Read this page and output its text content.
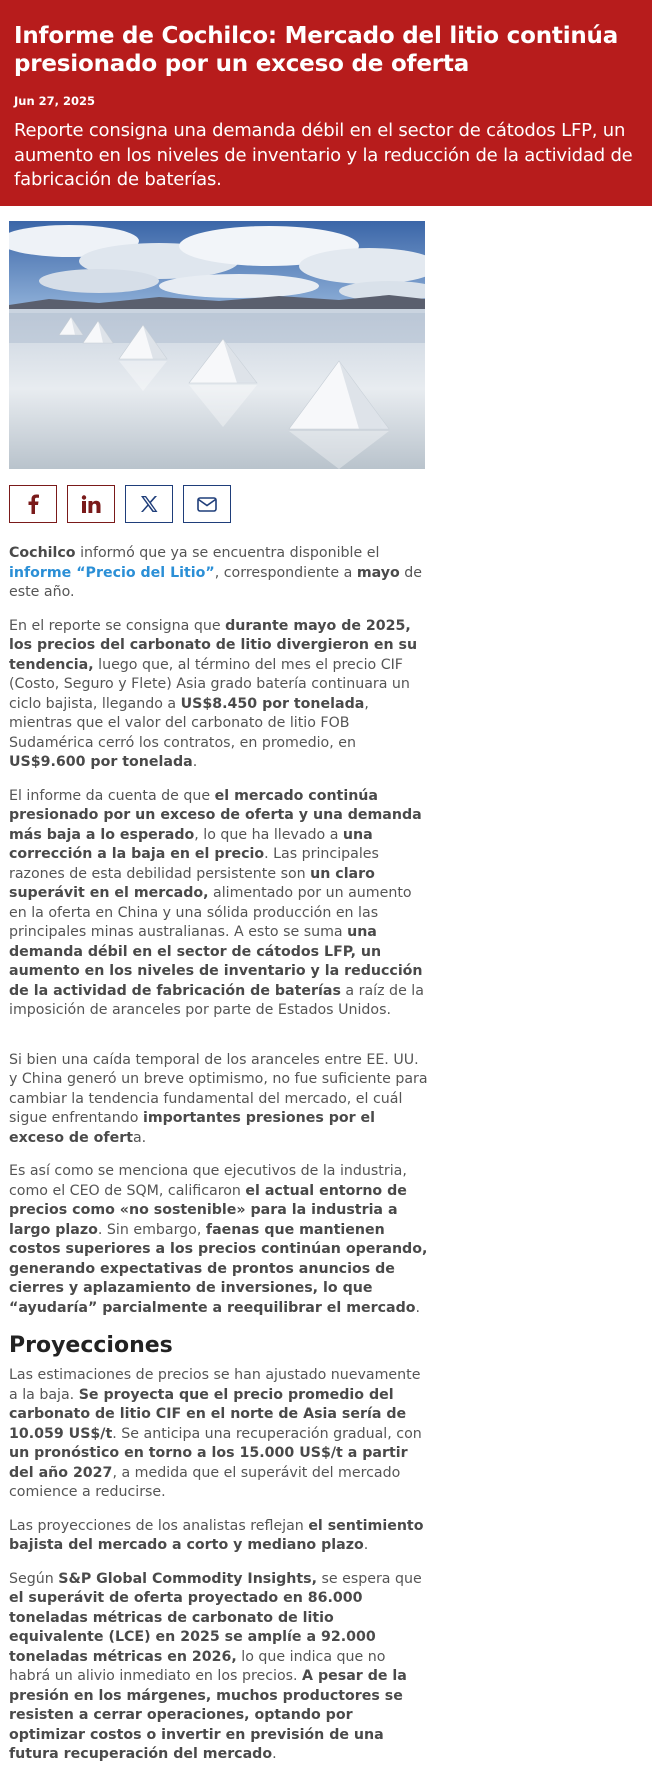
Informe de Cochilco: Mercado del litio continúa presionado por un exceso de oferta
Jun 27, 2025
Reporte consigna una demanda débil en el sector de cátodos LFP, un aumento en los niveles de inventario y la reducción de la actividad de fabricación de baterías.

Cochilco informó que ya se encuentra disponible el informe “Precio del Litio”, correspondiente a mayo de este año.

En el reporte se consigna que durante mayo de 2025, los precios del carbonato de litio divergieron en su tendencia, luego que, al término del mes el precio CIF (Costo, Seguro y Flete) Asia grado batería continuara un ciclo bajista, llegando a US$8.450 por tonelada, mientras que el valor del carbonato de litio FOB Sudamérica cerró los contratos, en promedio, en US$9.600 por tonelada.

El informe da cuenta de que el mercado continúa presionado por un exceso de oferta y una demanda más baja a lo esperado, lo que ha llevado a una corrección a la baja en el precio. Las principales razones de esta debilidad persistente son un claro superávit en el mercado, alimentado por un aumento en la oferta en China y una sólida producción en las principales minas australianas. A esto se suma una demanda débil en el sector de cátodos LFP, un aumento en los niveles de inventario y la reducción de la actividad de fabricación de baterías a raíz de la imposición de aranceles por parte de Estados Unidos.

Si bien una caída temporal de los aranceles entre EE. UU. y China generó un breve optimismo, no fue suficiente para cambiar la tendencia fundamental del mercado, el cuál sigue enfrentando importantes presiones por el exceso de oferta.

Es así como se menciona que ejecutivos de la industria, como el CEO de SQM, calificaron el actual entorno de precios como «no sostenible» para la industria a largo plazo. Sin embargo, faenas que mantienen costos superiores a los precios continúan operando, generando expectativas de prontos anuncios de cierres y aplazamiento de inversiones, lo que “ayudaría” parcialmente a reequilibrar el mercado.

Proyecciones

Las estimaciones de precios se han ajustado nuevamente a la baja. Se proyecta que el precio promedio del carbonato de litio CIF en el norte de Asia sería de 10.059 US$/t. Se anticipa una recuperación gradual, con un pronóstico en torno a los 15.000 US$/t a partir del año 2027, a medida que el superávit del mercado comience a reducirse.

Las proyecciones de los analistas reflejan el sentimiento bajista del mercado a corto y mediano plazo.

Según S&P Global Commodity Insights, se espera que el superávit de oferta proyectado en 86.000 toneladas métricas de carbonato de litio equivalente (LCE) en 2025 se amplíe a 92.000 toneladas métricas en 2026, lo que indica que no habrá un alivio inmediato en los precios. A pesar de la presión en los márgenes, muchos productores se resisten a cerrar operaciones, optando por optimizar costos o invertir en previsión de una futura recuperación del mercado.
